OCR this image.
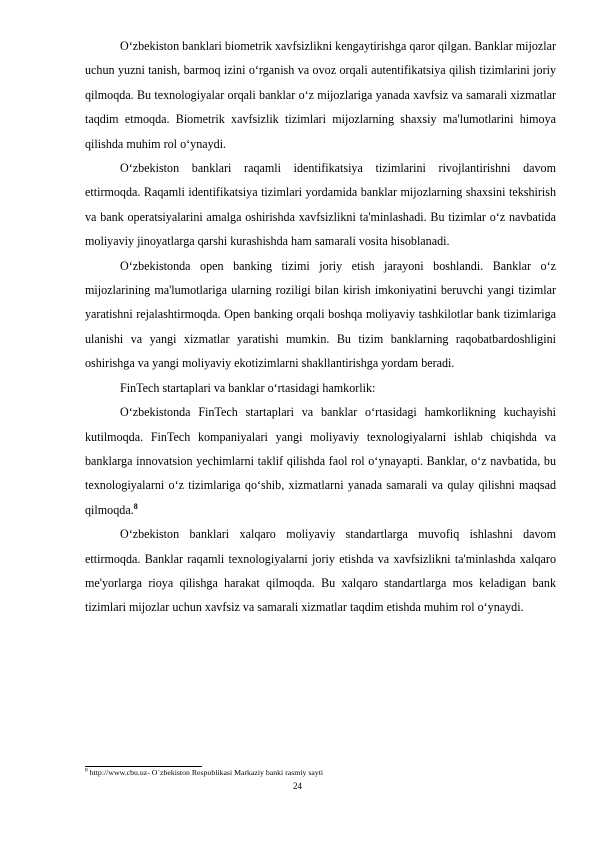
O‘zbekiston banklari biometrik xavfsizlikni kengaytirishga qaror qilgan. Banklar mijozlar uchun yuzni tanish, barmoq izini o‘rganish va ovoz orqali autentifikatsiya qilish tizimlarini joriy qilmoqda. Bu texnologiyalar orqali banklar o‘z mijozlariga yanada xavfsiz va samarali xizmatlar taqdim etmoqda. Biometrik xavfsizlik tizimlari mijozlarning shaxsiy ma'lumotlarini himoya qilishda muhim rol o‘ynaydi.

O‘zbekiston banklari raqamli identifikatsiya tizimlarini rivojlantirishni davom ettirmoqda. Raqamli identifikatsiya tizimlari yordamida banklar mijozlarning shaxsini tekshirish va bank operatsiyalarini amalga oshirishda xavfsizlikni ta'minlashadi. Bu tizimlar o‘z navbatida moliyaviy jinoyatlarga qarshi kurashishda ham samarali vosita hisoblanadi.

O‘zbekistonda open banking tizimi joriy etish jarayoni boshlandi. Banklar o‘z mijozlarining ma'lumotlariga ularning roziligi bilan kirish imkoniyatini beruvchi yangi tizimlar yaratishni rejalashtirmoqda. Open banking orqali boshqa moliyaviy tashkilotlar bank tizimlariga ulanishi va yangi xizmatlar yaratishi mumkin. Bu tizim banklarning raqobatbardoshligini oshirishga va yangi moliyaviy ekotizimlarni shakllantirishga yordam beradi.

FinTech startaplari va banklar o‘rtasidagi hamkorlik:

O‘zbekistonda FinTech startaplari va banklar o‘rtasidagi hamkorlikning kuchayishi kutilmoqda. FinTech kompaniyalari yangi moliyaviy texnologiyalarni ishlab chiqishda va banklarga innovatsion yechimlarni taklif qilishda faol rol o‘ynayapti. Banklar, o‘z navbatida, bu texnologiyalarni o‘z tizimlariga qo‘shib, xizmatlarni yanada samarali va qulay qilishni maqsad qilmoqda.$^8$

O‘zbekiston banklari xalqaro moliyaviy standartlarga muvofiq ishlashni davom ettirmoqda. Banklar raqamli texnologiyalarni joriy etishda va xavfsizlikni ta'minlashda xalqaro me'yorlarga rioya qilishga harakat qilmoqda. Bu xalqaro standartlarga mos keladigan bank tizimlari mijozlar uchun xavfsiz va samarali xizmatlar taqdim etishda muhim rol o‘ynaydi.

$^8$ http://www.cbu.uz- O`zbekiston Respublikasi Markaziy banki rasmiy sayti
24
